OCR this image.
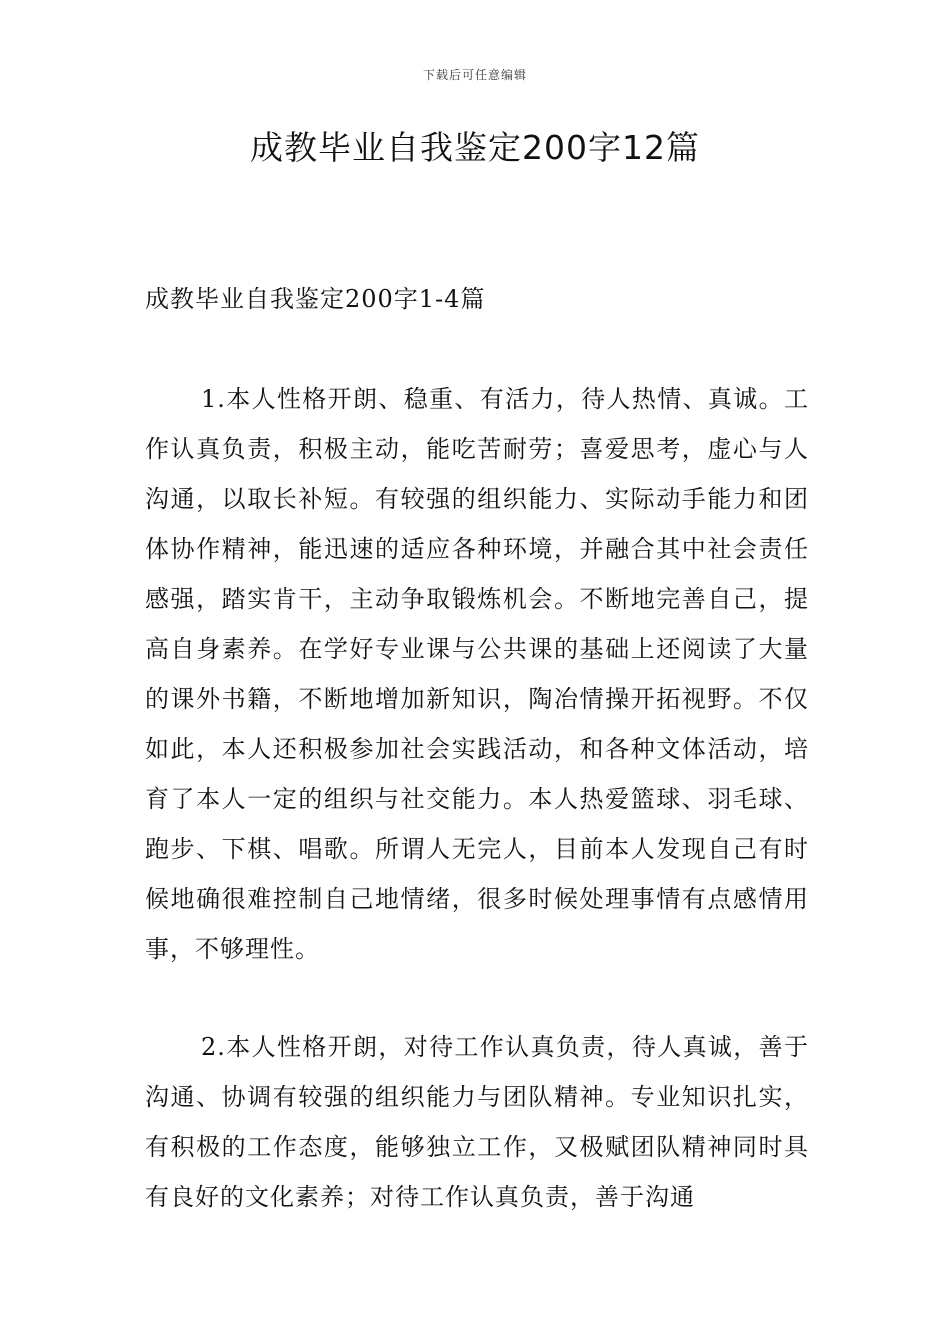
下载后可任意编辑
成教毕业自我鉴定200字12篇
成教毕业自我鉴定200字1-4篇
1.本人性格开朗、稳重、有活力，待人热情、真诚。工作认真负责，积极主动，能吃苦耐劳；喜爱思考，虚心与人沟通，以取长补短。有较强的组织能力、实际动手能力和团体协作精神，能迅速的适应各种环境，并融合其中社会责任感强，踏实肯干，主动争取锻炼机会。不断地完善自己，提高自身素养。在学好专业课与公共课的基础上还阅读了大量的课外书籍，不断地增加新知识，陶冶情操开拓视野。不仅如此，本人还积极参加社会实践活动，和各种文体活动，培育了本人一定的组织与社交能力。本人热爱篮球、羽毛球、跑步、下棋、唱歌。所谓人无完人，目前本人发现自己有时候地确很难控制自己地情绪，很多时候处理事情有点感情用事，不够理性。
2.本人性格开朗，对待工作认真负责，待人真诚，善于沟通、协调有较强的组织能力与团队精神。专业知识扎实，有积极的工作态度，能够独立工作，又极赋团队精神同时具有良好的文化素养；对待工作认真负责，善于沟通
